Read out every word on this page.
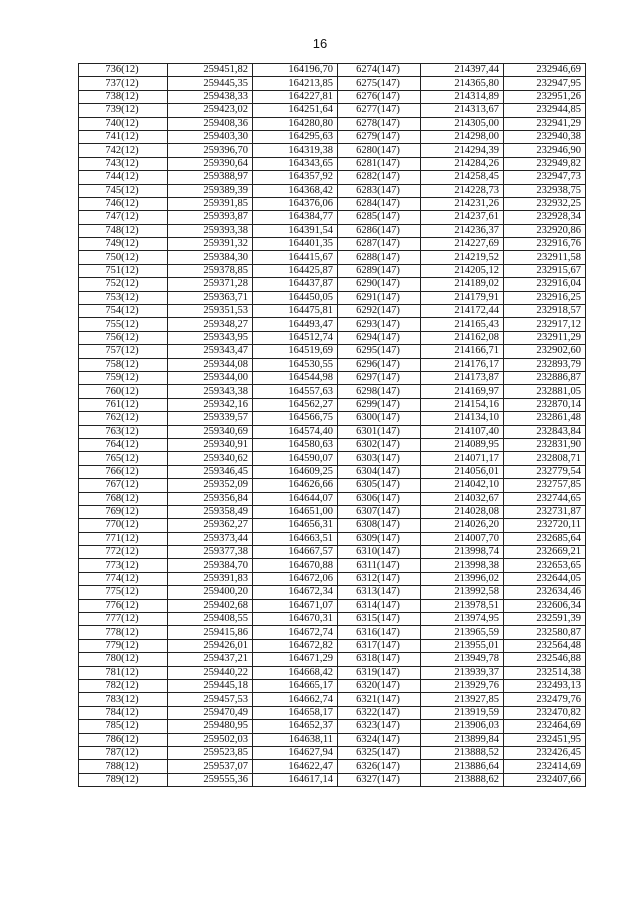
16
736(12)	259451,82	164196,70	6274(147)	214397,44	232946,69
737(12)	259445,35	164213,85	6275(147)	214365,80	232947,95
738(12)	259438,33	164227,81	6276(147)	214314,89	232951,26
739(12)	259423,02	164251,64	6277(147)	214313,67	232944,85
740(12)	259408,36	164280,80	6278(147)	214305,00	232941,29
741(12)	259403,30	164295,63	6279(147)	214298,00	232940,38
742(12)	259396,70	164319,38	6280(147)	214294,39	232946,90
743(12)	259390,64	164343,65	6281(147)	214284,26	232949,82
744(12)	259388,97	164357,92	6282(147)	214258,45	232947,73
745(12)	259389,39	164368,42	6283(147)	214228,73	232938,75
746(12)	259391,85	164376,06	6284(147)	214231,26	232932,25
747(12)	259393,87	164384,77	6285(147)	214237,61	232928,34
748(12)	259393,38	164391,54	6286(147)	214236,37	232920,86
749(12)	259391,32	164401,35	6287(147)	214227,69	232916,76
750(12)	259384,30	164415,67	6288(147)	214219,52	232911,58
751(12)	259378,85	164425,87	6289(147)	214205,12	232915,67
752(12)	259371,28	164437,87	6290(147)	214189,02	232916,04
753(12)	259363,71	164450,05	6291(147)	214179,91	232916,25
754(12)	259351,53	164475,81	6292(147)	214172,44	232918,57
755(12)	259348,27	164493,47	6293(147)	214165,43	232917,12
756(12)	259343,95	164512,74	6294(147)	214162,08	232911,29
757(12)	259343,47	164519,69	6295(147)	214166,71	232902,60
758(12)	259344,08	164530,55	6296(147)	214176,17	232893,79
759(12)	259344,00	164544,98	6297(147)	214173,87	232886,87
760(12)	259343,38	164557,63	6298(147)	214169,97	232881,05
761(12)	259342,16	164562,27	6299(147)	214154,16	232870,14
762(12)	259339,57	164566,75	6300(147)	214134,10	232861,48
763(12)	259340,69	164574,40	6301(147)	214107,40	232843,84
764(12)	259340,91	164580,63	6302(147)	214089,95	232831,90
765(12)	259340,62	164590,07	6303(147)	214071,17	232808,71
766(12)	259346,45	164609,25	6304(147)	214056,01	232779,54
767(12)	259352,09	164626,66	6305(147)	214042,10	232757,85
768(12)	259356,84	164644,07	6306(147)	214032,67	232744,65
769(12)	259358,49	164651,00	6307(147)	214028,08	232731,87
770(12)	259362,27	164656,31	6308(147)	214026,20	232720,11
771(12)	259373,44	164663,51	6309(147)	214007,70	232685,64
772(12)	259377,38	164667,57	6310(147)	213998,74	232669,21
773(12)	259384,70	164670,88	6311(147)	213998,38	232653,65
774(12)	259391,83	164672,06	6312(147)	213996,02	232644,05
775(12)	259400,20	164672,34	6313(147)	213992,58	232634,46
776(12)	259402,68	164671,07	6314(147)	213978,51	232606,34
777(12)	259408,55	164670,31	6315(147)	213974,95	232591,39
778(12)	259415,86	164672,74	6316(147)	213965,59	232580,87
779(12)	259426,01	164672,82	6317(147)	213955,01	232564,48
780(12)	259437,21	164671,29	6318(147)	213949,78	232546,88
781(12)	259440,22	164668,42	6319(147)	213939,37	232514,38
782(12)	259445,18	164665,17	6320(147)	213929,76	232493,13
783(12)	259457,53	164662,74	6321(147)	213927,85	232479,76
784(12)	259470,49	164658,17	6322(147)	213919,59	232470,82
785(12)	259480,95	164652,37	6323(147)	213906,03	232464,69
786(12)	259502,03	164638,11	6324(147)	213899,84	232451,95
787(12)	259523,85	164627,94	6325(147)	213888,52	232426,45
788(12)	259537,07	164622,47	6326(147)	213886,64	232414,69
789(12)	259555,36	164617,14	6327(147)	213888,62	232407,66
